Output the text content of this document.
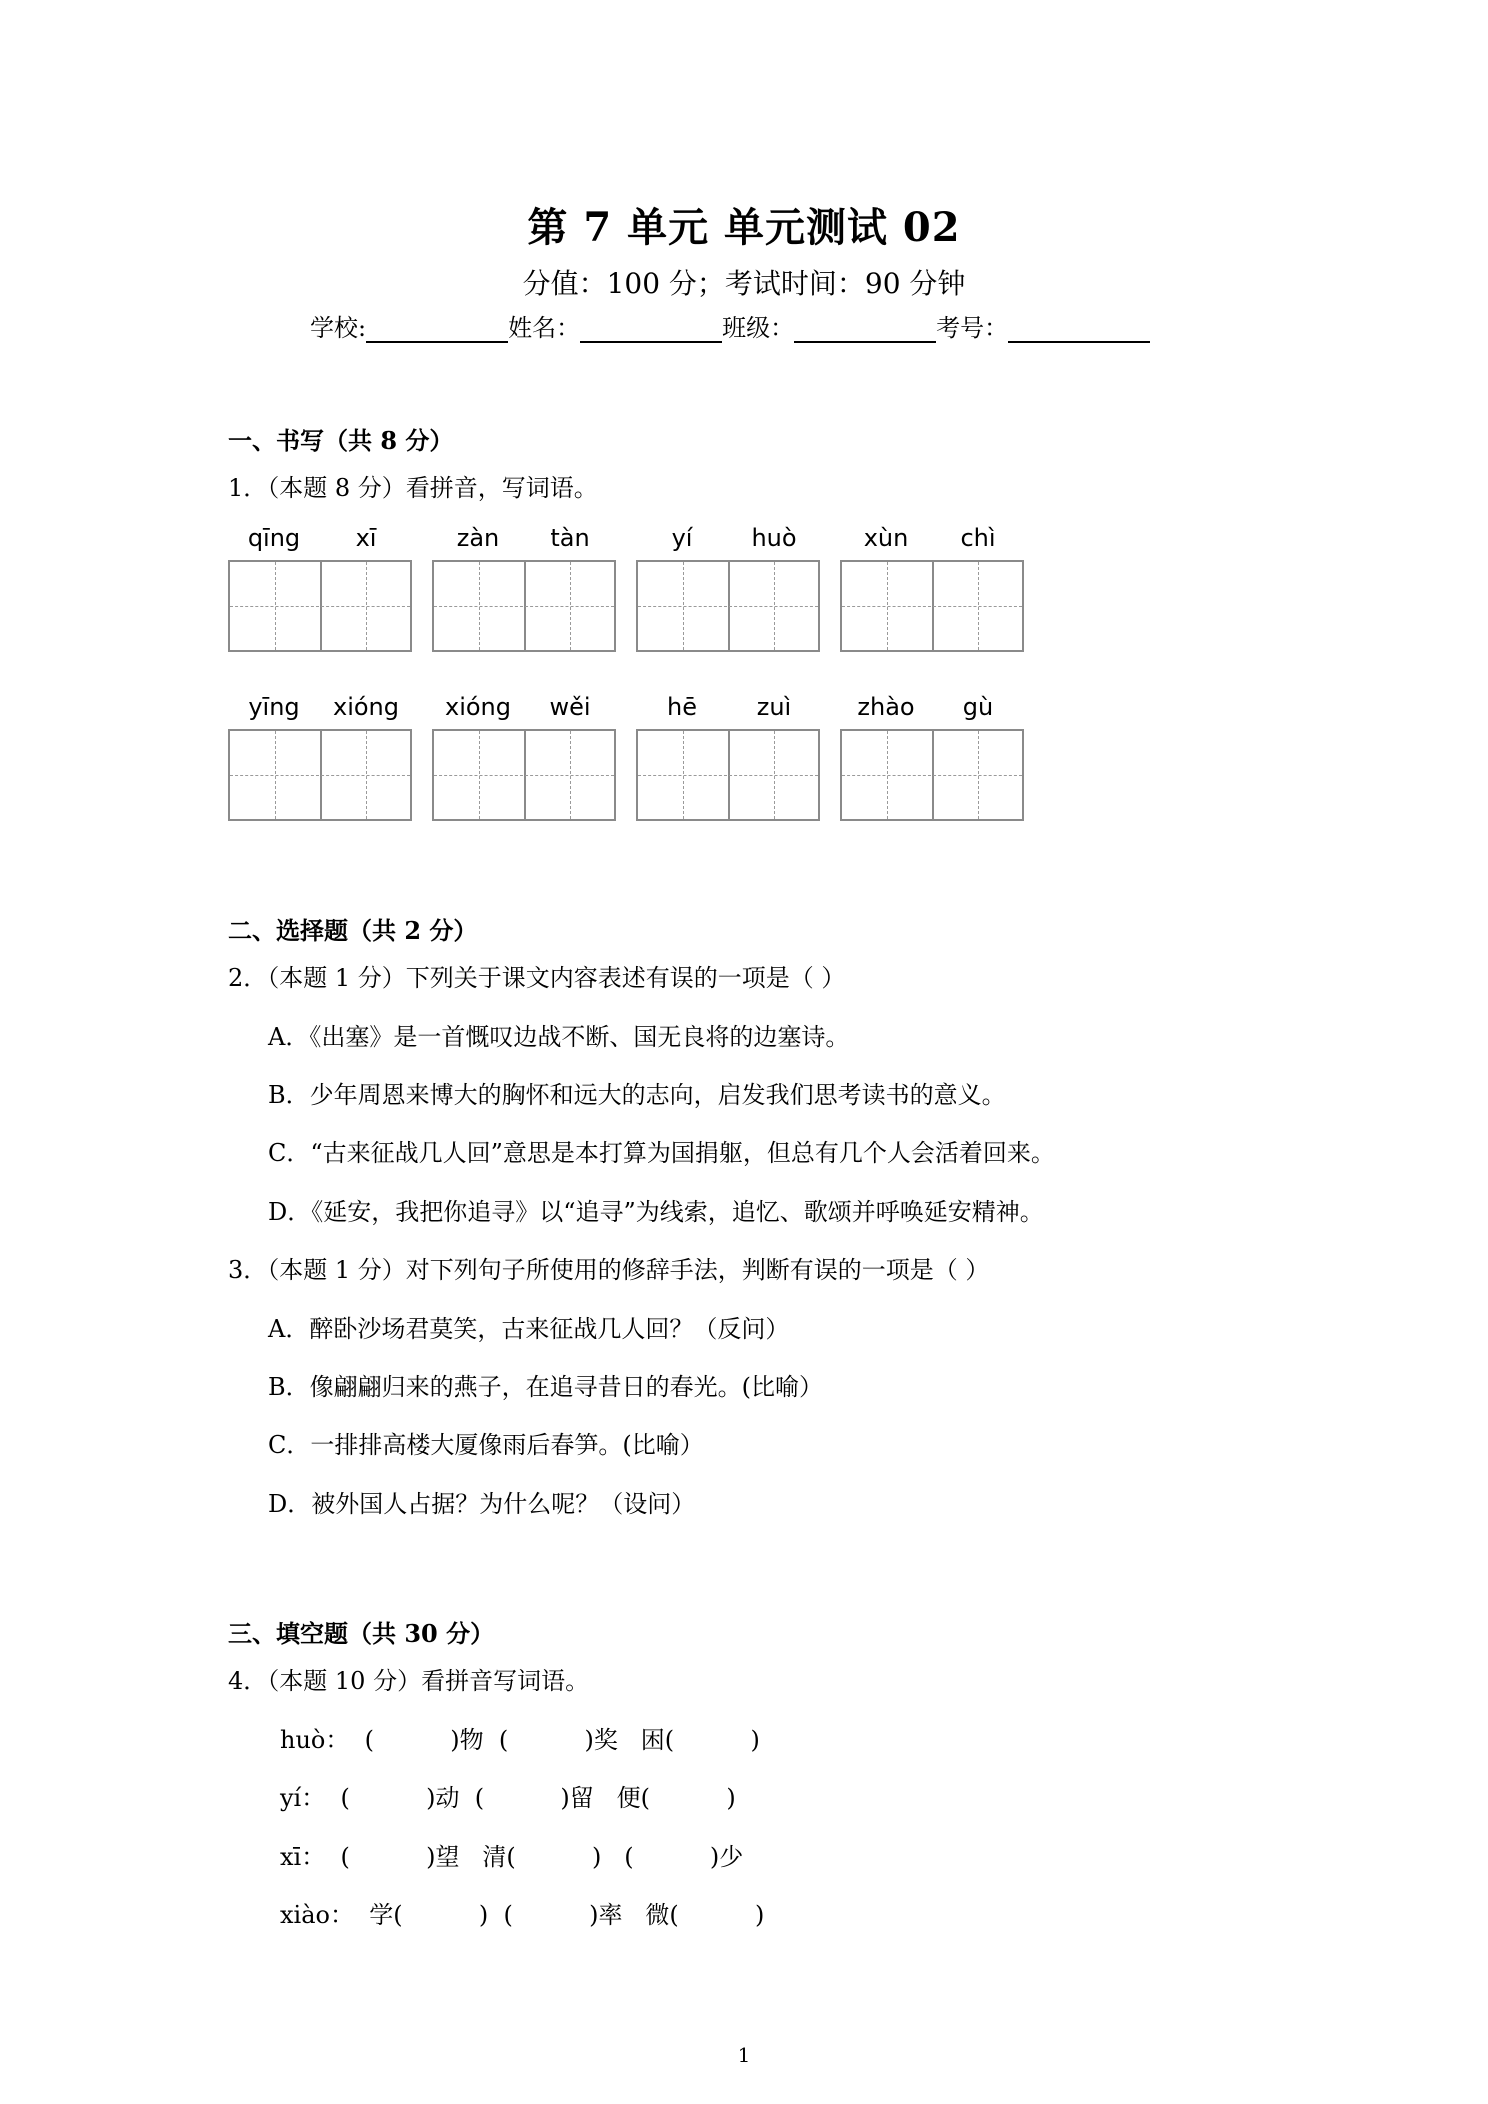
第 7 单元 单元测试 02
分值：100 分；考试时间：90 分钟
学校:	姓名：	班级：	考号：
一、书写（共 8 分）
1．（本题 8 分）看拼音，写词语。
qīng	xī	zàn	tàn	yí	huò	xùn	chì
yīng	xióng	xióng	wěi	hē	zuì	zhào	gù
二、选择题（共 2 分）
2．（本题 1 分）下列关于课文内容表述有误的一项是（ ）
A．《出塞》是一首慨叹边战不断、国无良将的边塞诗。
B．少年周恩来博大的胸怀和远大的志向，启发我们思考读书的意义。
C．“古来征战几人回”意思是本打算为国捐躯，但总有几个人会活着回来。
D．《延安，我把你追寻》以“追寻”为线索，追忆、歌颂并呼唤延安精神。
3．（本题 1 分）对下列句子所使用的修辞手法，判断有误的一项是（ ）
A．醉卧沙场君莫笑，古来征战几人回？（反问）
B．像翩翩归来的燕子，在追寻昔日的春光。(比喻）
C．一排排高楼大厦像雨后春笋。(比喻）
D．被外国人占据？为什么呢？（设问）
三、填空题（共 30 分）
4．（本题 10 分）看拼音写词语。
huò：  (          )物  (          )奖   困(          )
yí：  (          )动  (          )留   便(          )
xī：  (          )望   清(          )   (          )少
xiào：  学(          )  (          )率   微(          )
1
